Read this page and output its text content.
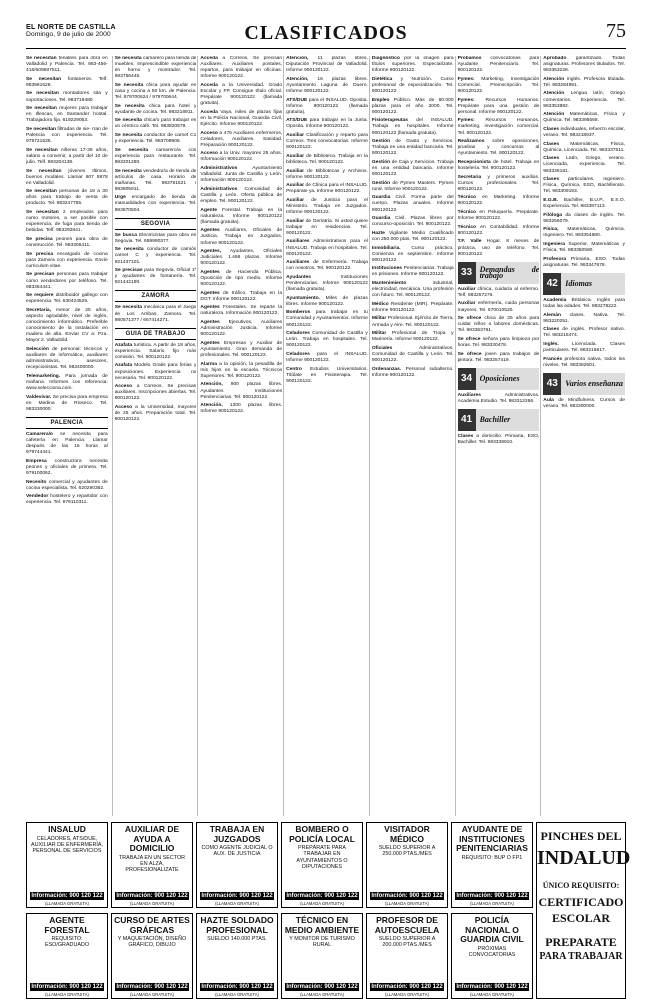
EL NORTE DE CASTILLA
Domingo, 9 de julio de 2000	CLASIFICADOS	75

Se necesitan fenaliles para obra en Valladolid y Palencia. Tel. 983-456-416/609687511.

Se necesitan fontaneros. Telf. 983981628.

Se necesitan montadores sita y soportaciones. Tel. 983719480.

Se necesitan mujeres para trabajar en Illescas, en Santander hostal. Trabajadora fija. 619229053.

Se necesitan filtradas de sie- rran de Palencia con experiencia. Tel. 979721535.

Se necesitan niñeras 17-35 años, salario a convenir, a partir del 10 de julio. Telf. 983204139.

Se necesitan jóvenes Iltimos, buenos modales. Llamar 607 5878 en Valladolid.

Se necesitan personas de 18 a 30 años para trabajo de venta de producto. Tel. 983247765.

Se necesitan 2 empleados para curso motores, a ser posible con experiencia, de fuga para tienda de bebidas. Telf. 983292841.

Se precisa peones para obra de construcción. Tel. 983306411.

Se precisa encargado de cocina para Zamora con experiencia. Envíe curriculum vitae.

Se precisan personas para trabajar como vendedores por teléfono. Tel. 983364441.

Se requiere distribuidor gallego con experiencia. Tel. 630424525.

Secretaria, menor de 25 años, aspecto agradable, nivel de inglés, conocimiento informático. Preferible conocimiento de la instalación en madera de alta. Enviar CV a: Pza. Mayor 2. Valladolid.

Selección de personal: técnicos y auxiliares de informática, auxiliares administrativos, asesores, recepcionistas. Tel. 983400000.

Telemarketing. Para jornada de mañana. Informes con referencia: www.selecciona.com.

Valdevivar. Se precisa para empresa en Medina de Rioseco. Tel. 983330000.

PALENCIA

Camarera/o se necesita para cafetería en Palencia. Llamar después de las 16 horas al 979744441.

Empresa constructora necesita peones y oficiales de primera. Tel. 979100062.

Necesito comercial y ayudantes de cocina especialista. Tel. 620290362.

Vendedor hostelero y repartidor con experiencia. Tel. 979110311.

Se necesita camarero para tienda de muebles. Imprescindible experiencia en horno y mostrador. Tel. 983756445.

Se necesita chica para ayudar en casa y cocina a 50 km. de Palencia. Tel. 979700624 / 979700644.

Se necesita chica para hotel y ayudante de cocina. Tel. 983218911.

Se necesita chica/o para trabajar en un céntrico café. Tel. 983820579.

Se necesita conductor de carnet C1 y experiencia. Tel. 983709906.

Se necesita camarero/a con experiencia para restaurante. Tel. 983201280.

Se necesita vendedor/a de tienda de artículos de casa. Horario de mañanas. Tel. 983781521 / 983805911.

Urge encargado de tienda de manualidades con experiencia. Tel. 983870504.

SEGOVIA

Se busca Electricistas para obra en Segovia. Tel. 659990377.

Se necesita conductor de camión carnet C y experiencia. Tel. 921437101.

Se precisan para Segovia, Oficial 1ª y ayudantes de fontanería. Tel. 921442190.

ZAMORA

Se necesita mecánica para el Juego de Los Arribas, Zamora. Tel. 980571377 / 667414271.

GUIA DE TRABAJO

Azafata turística. A partir de 18 años, experiencia. Salario fijo más comisión. Tel. 900120122.

Azafata Modelo Gratis para ferias y exposiciones. Experiencia no necesaria. Tel. 900120122.

Acceso a Correos. Se precisan auxiliares. Inscripciones abiertas. Tel. 900120122.

Acceso a la Universidad, mayores de 25 años. Preparación total. Tel. 900120122.

Acceda a Correos. Se precisan Auxiliares. Auxiliares postales, repartos, para trabajar en oficinas. Informe 900120122.

Acceda a la Universidad. Grado Escolar y FP. Consigue título oficial. Prepárate 900120122 (llamada gratuita).

Acceda Vaya, miles de plazas fijas en la Policía Nacional, Guardia Civil, Ejército. Informe 900120122.

Acceso a 475 Auxiliares enfermeros, Celadores, Auxiliares. Sanidad. Preparación 900120122.

Acceso a la Univ. mayores 25 años. Información 900120122.

Administrativos Ayuntamiento Valladolid. Junta de Castilla y León. Información 900120122.

Administrativos Comunidad de Castilla y León. Oferta pública de empleo. Tel. 900120122.

Agente Forestal. Trabaja en la naturaleza. Informe 900120122 (llamada gratuita).

Agentes Auxiliares, Oficiales de Justicia. Trabaja en Juzgados. Informe 900120122.

Agentes, Ayudantes, Oficiales Judiciales. 1.466 plazas. Informe 900120122.

Agentes de Hacienda Pública. Oposición de tipo medio. Informe 900120122.

Agentes de tráfico. Trabaja en la DGT. Informe 900120122.

Agentes Forestales. Se reparte la naturaleza. Información 900120122.

Agentes Ejecutivos, Auxiliares Administración Justicia. Informe 900120122.

Agentes Empresas y Auxiliar de Ayuntamiento. Gran demanda de profesionales. Tel. 900120122.

Alarma a la opinión, la pesadilla de mis hijos en la escuela. Técnicos Superiores. Tel. 900120122.

Atención, 900 plazas libres. Ayudantes Instituciones Penitenciarias. Tel. 900120122.

Atención, 1300 plazas libres. Informe 900120122.

Atención, 11 plazas libres. Diputación Provincial de Valladolid. Informe 900120122.

Atención, 16 plazas libres. Ayuntamiento Laguna de Duero. Informe 900120122.

ATS/DUE para el INSALUD. Oposita. Informe 900120122 (llamada gratuita).

ATS/DUE para trabajar en la Junta. Oposita. Informe 900120122.

Auxiliar Clasificación y reparto para Correos. Tres convocatorias. Informe 900120122.

Auxiliar de Biblioteca. Trabaja en la biblioteca. Tel. 900120122.

Auxiliar de Bibliotecas y Archivos. Informe 900120122.

Auxiliar de Clínica para el INSALUD. Prepárate ya. Informe 900120122.

Auxiliar de Justicia para el Ministerio. Trabaja en Juzgados. Informe 900120122.

Auxiliar de Geriatría. Si usted quiere trabajar en residencias. Tel. 900120122.

Auxiliares Administrativos para el INSALUD. Trabaja en hospitales. Tel. 900120122.

Auxiliares de Enfermería. Trabaja con nosotros. Tel. 900120122.

Ayudantes Instituciones Penitenciarias. Informe 900120122 (llamada gratuita).

Ayuntamiento. Miles de plazas libres. Informe 900120122.

Bomberos para trabajar en tu Comunidad y Ayuntamientos. Informe 900120122.

Celadores Comunidad de Castilla y León. Trabaja en hospitales. Tel. 900120122.

Celadores para el INSALUD. Informe 900120122.

Centro Estudios Universitarios. Titúlate en Fisioterapia. Tel. 900120122.

Diagnóstico por la imagen para títulos superiores. Especialízate. Informe 900120122.

Dietética y Nutrición. Curso profesional de especialización. Tel. 900120122.

Empleo Público. Más de 60.000 plazas para el año 2000. Tel. 900120122.

Fisioterapeutas del INSALUD. Trabaja en hospitales. Informe 900120122 (llamada gratuita).

Gestión de Gasto y Servicios. Trabaja en una entidad bancaria. Tel. 900120122.

Gestión de Caja y Servicios. Trabaja en una entidad bancaria. Informe 900120122.

Gestión de Pymes Masters. Pymes rural. Informe 900120122.

Guardia Civil. Forma parte del cuerpo. Plazas anuales. Informe 900120122.

Guardia Civil. Plazas libres por concurso-oposición. Tel. 900120122.

Hazte Vigilante Medio Cualificado con 250.000 ptas. Tel. 900120122.

Inmobiliaria. Curso práctico. Comienza en septiembre. Informe 900120122.

Instituciones Penitenciarias. Trabaja en prisiones. Informe 900120122.

Mantenimiento industrial, electricidad, mecánica. Una profesión con futuro. Tel. 900120122.

Médico Residente (MIR). Prepárate. Informe 900120122.

Militar Profesional. Ejército de Tierra, Armada y Aire. Tel. 900120122.

Militar Profesional de Tropa y Marinería. Informe 900120122.

Oficiales Administrativos. Comunidad de Castilla y León. Tel. 900120122.

Ordenanzas. Personal subalterno. Informe 900120122.

Probamos convocatorias para Ayudante Penitenciario. Tel. 900120122.

Fymes: Marketing, Investigación Comercial. Preinscripción. Tel. 900120122.

Fymes: Recursos Humanos. Prepárate para una gestión de personal. Informe 900120122.

Fymes: Recursos Humanos, marketing, investigación comercial. Tel. 900120122.

Realizamos sobre oposiciones, pruebas y concursos al Ayuntamiento. Tel. 900120122.

Recepcionista de hotel. Trabaja en hostelería. Tel. 900120122.

Secretaria y primeros auxilios. Cursos profesionales. Tel. 900120122.

Técnico en Marketing. Informe 900120122.

Técnico en Peluquería. Prepárate. Informe 900120122.

Técnico en Contabilidad. Informe 900120122.

T.F. Valle Hogar. 8 meses de práctica, uso de teléfono. Tel. 900120122.

33 Demandas de trabajo

Auxiliar clínica, cuidaría al enfermo. Telf. 983257276.

Auxiliar enfermería, cuida personas mayores. Tel. 670010520.

Se ofrece chica de 25 años para cuidar niños o labores domésticas. Tel. 983363761.

Se ofrece señora para limpieza por horas. Tel. 983330478.

Se ofrece joven para trabajos de pintura. Tel. 983257419.

34 Oposiciones

Auxiliares Administrativos. Academia Estudio. Tel. 983312266.

41 Bachiller

Clases a domicilio. Primaria, ESO, Bachiller. Tel. 983339910.

Aprobado garantizado. Todas asignaturas. Profesores titulados. Tel. 983353228.

Atención inglés. Profesora titulada. Tel. 983284991.

Atención Lengua latín, Griego comentarios. Experiencia. Tel. 983353882.

Atención Matemáticas, Física y Química. Tel. 983395568.

Clases individuales, refuerzo escolar, verano. Tel. 983218937.

Clases Matemáticas, Física, Química. Licenciada. Tel. 983337611.

Clases Latín, Griego, verano. Licenciada, experiencia. Tel. 983336181.

Clases particulares. Ingeniero. Física, Química, ESO, Bachillerato. Tel. 983309193.

E.G.B. Bachiller, B.U.P., E.S.O. Experiencia. Tel. 983387113.

Filóloga da clases de inglés. Tel. 983256079.

Física, Matemáticas, Química. Ingeniero. Tel. 983354680.

Ingeniera Superior, Matemáticas y Física. Tel. 983350590.

Profesora Primaria, ESO. Todas asignaturas. Tel. 983347678.

42 Idiomas

Academia Británica. Inglés para todas las edades. Tel. 983278222.

Alemán clases. Nativa. Tel. 983220251.

Clases de inglés. Profesor nativo. Tel. 983215474.

Inglés. Licenciada. Clases particulares. Tel. 983216617.

Francés profesora nativa, todos los niveles. Tel. 983382601.

43 Varios enseñanza

Aula de Mindfulness. Cursos de verano. Tel. 983300000.

INSALUD
CELADORES, ATS/DUE, AUXILIAR DE ENFERMERÍA, PERSONAL DE SERVICIOS
Información: 900 120 122
(LLAMADA GRATUITA)
AUXILIAR DE AYUDA A DOMICILIO
TRABAJA EN UN SECTOR EN ALZA, PROFESIONALIZATE
Información: 900 120 122
(LLAMADA GRATUITA)
TRABAJA EN JUZGADOS
COMO AGENTE JUDICIAL O AUX. DE JUSTICIA
Información: 900 120 122
(LLAMADA GRATUITA)
BOMBERO O POLICÍA LOCAL
PREPÁRATE PARA TRABAJAR EN AYUNTAMIENTOS O DIPUTACIONES
Información: 900 120 122
(LLAMADA GRATUITA)
VISITADOR MÉDICO
SUELDO SUPERIOR A 250.000 PTAS./MES
Información: 900 120 122
(LLAMADA GRATUITA)
AYUDANTE DE INSTITUCIONES PENITENCIARIAS
REQUISITO: BUP O FP1
Información: 900 120 122
(LLAMADA GRATUITA)
AGENTE FORESTAL
REQUISITO: ESO/GRADUADO
Información: 900 120 122
(LLAMADA GRATUITA)
CURSO DE ARTES GRÁFICAS
Y MAQUETACIÓN, DISEÑO GRÁFICO, DIBUJO
Información: 900 120 122
(LLAMADA GRATUITA)
HAZTE SOLDADO PROFESIONAL
SUELDO 140.000 PTAS.
Información: 900 120 122
(LLAMADA GRATUITA)
TÉCNICO EN MEDIO AMBIENTE
Y MONITOR DE TURISMO RURAL
Información: 900 120 122
(LLAMADA GRATUITA)
PROFESOR DE AUTOESCUELA
SUELDO SUPERIOR A 200.000 PTAS./MES
Información: 900 120 122
(LLAMADA GRATUITA)
POLICÍA NACIONAL O GUARDIA CIVIL
PRÓXIMAS CONVOCATORIAS
Información: 900 120 122
(LLAMADA GRATUITA)
PINCHES DEL
INDALUD
ÚNICO REQUISITO:
CERTIFICADO
ESCOLAR
PREPARATE
PARA TRABAJAR
